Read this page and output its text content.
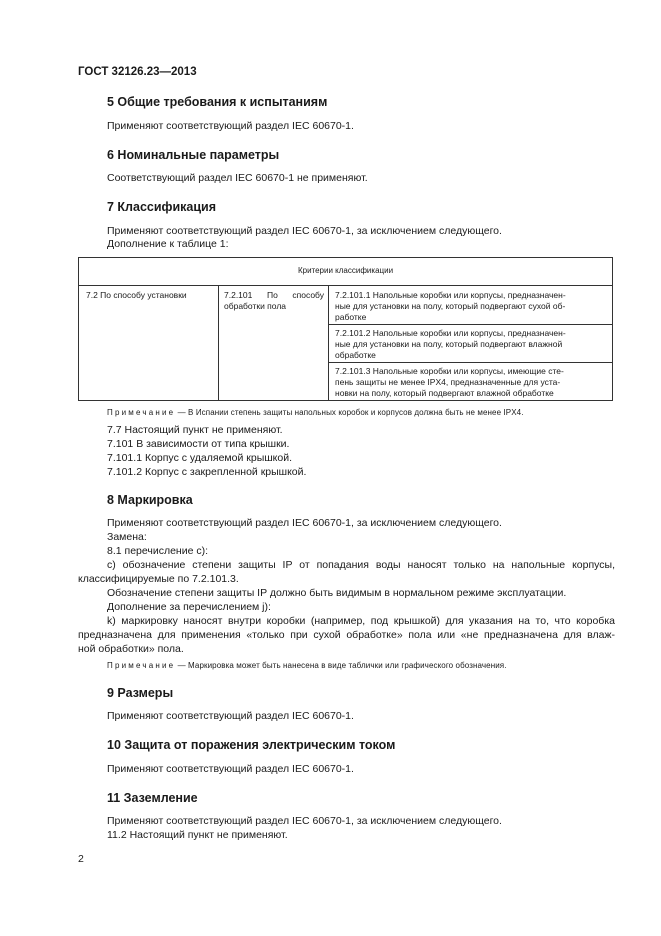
ГОСТ 32126.23—2013
5 Общие требования к испытаниям
Применяют соответствующий раздел IEC 60670-1.
6 Номинальные параметры
Соответствующий раздел IEC 60670-1 не применяют.
7 Классификация
Применяют соответствующий раздел IEC 60670-1, за исключением следующего.
Дополнение к таблице 1:
Критерии классификации
7.2 По способу установки	7.2.101 По способу
обработки пола
7.2.101.1 Напольные коробки или корпусы, предназначен-
ные для установки на полу, который подвергают сухой об-
работке
7.2.101.2 Напольные коробки или корпусы, предназначен-
ные для установки на полу, который подвергают влажной
обработке
7.2.101.3 Напольные коробки или корпусы, имеющие сте-
пень защиты не менее IPX4, предназначенные для уста-
новки на полу, который подвергают влажной обработке
Примечание — В Испании степень защиты напольных коробок и корпусов должна быть не менее IPX4.
7.7 Настоящий пункт не применяют.
7.101 В зависимости от типа крышки.
7.101.1 Корпус с удаляемой крышкой.
7.101.2 Корпус с закрепленной крышкой.
8 Маркировка
Применяют соответствующий раздел IEC 60670-1, за исключением следующего.
Замена:
8.1 перечисление с):
с) обозначение степени защиты IP от попадания воды наносят только на напольные корпусы,
классифицируемые по 7.2.101.3.
Обозначение степени защиты IP должно быть видимым в нормальном режиме эксплуатации.
Дополнение за перечислением j):
k) маркировку наносят внутри коробки (например, под крышкой) для указания на то, что коробка
предназначена для применения «только при сухой обработке» пола или «не предназначена для влаж-
ной обработки» пола.
Примечание — Маркировка может быть нанесена в виде таблички или графического обозначения.
9 Размеры
Применяют соответствующий раздел IEC 60670-1.
10 Защита от поражения электрическим током
Применяют соответствующий раздел IEC 60670-1.
11 Заземление
Применяют соответствующий раздел IEC 60670-1, за исключением следующего.
11.2 Настоящий пункт не применяют.
2
